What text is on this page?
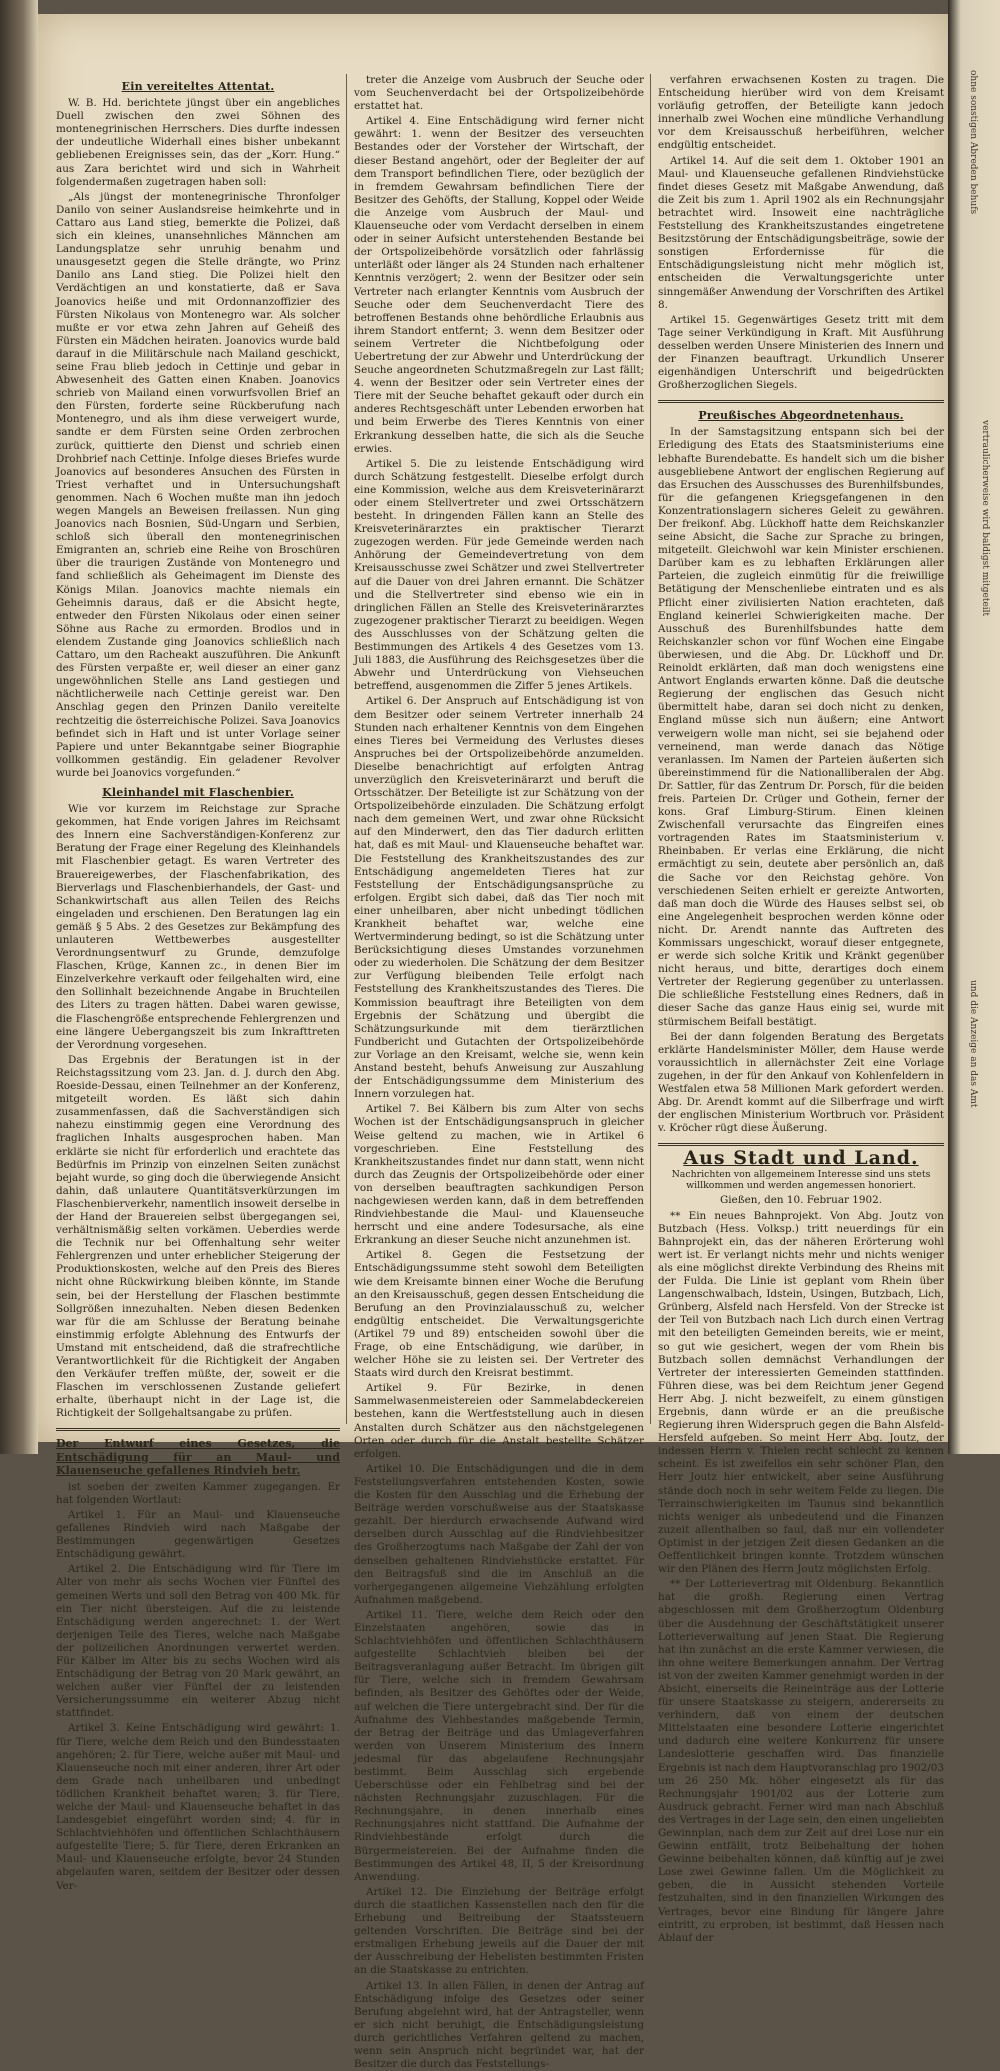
Ein vereiteltes Attentat.

W. B. Hd. berichtete jüngst über ein angebliches Duell zwischen den zwei Söhnen des montenegrinischen Herrschers. Dies durfte indessen der undeutliche Widerhall eines bisher unbekannt gebliebenen Ereignisses sein, das der „Korr. Hung.“ aus Zara berichtet wird und sich in Wahrheit folgendermaßen zugetragen haben soll:

„Als jüngst der montenegrinische Thronfolger Danilo von seiner Auslandsreise heimkehrte und in Cattaro aus Land stieg, bemerkte die Polizei, daß sich ein kleines, unansehnliches Männchen am Landungsplatze sehr unruhig benahm und unausgesetzt gegen die Stelle drängte, wo Prinz Danilo ans Land stieg. Die Polizei hielt den Verdächtigen an und konstatierte, daß er Sava Joanovics heiße und mit Ordonnanzoffizier des Fürsten Nikolaus von Montenegro war. Als solcher mußte er vor etwa zehn Jahren auf Geheiß des Fürsten ein Mädchen heiraten. Joanovics wurde bald darauf in die Militärschule nach Mailand geschickt, seine Frau blieb jedoch in Cettinje und gebar in Abwesenheit des Gatten einen Knaben. Joanovics schrieb von Mailand einen vorwurfsvollen Brief an den Fürsten, forderte seine Rückberufung nach Montenegro, und als ihm diese verweigert wurde, sandte er dem Fürsten seine Orden zerbrochen zurück, quittierte den Dienst und schrieb einen Drohbrief nach Cettinje. Infolge dieses Briefes wurde Joanovics auf besonderes Ansuchen des Fürsten in Triest verhaftet und in Untersuchungshaft genommen. Nach 6 Wochen mußte man ihn jedoch wegen Mangels an Beweisen freilassen. Nun ging Joanovics nach Bosnien, Süd-Ungarn und Serbien, schloß sich überall den montenegrinischen Emigranten an, schrieb eine Reihe von Broschüren über die traurigen Zustände von Montenegro und fand schließlich als Geheimagent im Dienste des Königs Milan. Joanovics machte niemals ein Geheimnis daraus, daß er die Absicht hegte, entweder den Fürsten Nikolaus oder einen seiner Söhne aus Rache zu ermorden. Brodlos und in elendem Zustande ging Joanovics schließlich nach Cattaro, um den Racheakt auszuführen. Die Ankunft des Fürsten verpaßte er, weil dieser an einer ganz ungewöhnlichen Stelle ans Land gestiegen und nächtlicherweile nach Cettinje gereist war. Den Anschlag gegen den Prinzen Danilo vereitelte rechtzeitig die österreichische Polizei. Sava Joanovics befindet sich in Haft und ist unter Vorlage seiner Papiere und unter Bekanntgabe seiner Biographie vollkommen geständig. Ein geladener Revolver wurde bei Joanovics vorgefunden.“

Kleinhandel mit Flaschenbier.

Wie vor kurzem im Reichstage zur Sprache gekommen, hat Ende vorigen Jahres im Reichsamt des Innern eine Sachverständigen-Konferenz zur Beratung der Frage einer Regelung des Kleinhandels mit Flaschenbier getagt. Es waren Vertreter des Brauereigewerbes, der Flaschenfabrikation, des Bierverlags und Flaschenbierhandels, der Gast- und Schankwirtschaft aus allen Teilen des Reichs eingeladen und erschienen. Den Beratungen lag ein gemäß § 5 Abs. 2 des Gesetzes zur Bekämpfung des unlauteren Wettbewerbes ausgestellter Verordnungsentwurf zu Grunde, demzufolge Flaschen, Krüge, Kannen zc., in denen Bier im Einzelverkehre verkauft oder feilgehalten wird, eine den Sollinhalt bezeichnende Angabe in Bruchteilen des Liters zu tragen hätten. Dabei waren gewisse, die Flaschengröße entsprechende Fehlergrenzen und eine längere Uebergangszeit bis zum Inkrafttreten der Verordnung vorgesehen.

Das Ergebnis der Beratungen ist in der Reichstagssitzung vom 23. Jan. d. J. durch den Abg. Roeside-Dessau, einen Teilnehmer an der Konferenz, mitgeteilt worden. Es läßt sich dahin zusammenfassen, daß die Sachverständigen sich nahezu einstimmig gegen eine Verordnung des fraglichen Inhalts ausgesprochen haben. Man erklärte sie nicht für erforderlich und erachtete das Bedürfnis im Prinzip von einzelnen Seiten zunächst bejaht wurde, so ging doch die überwiegende Ansicht dahin, daß unlautere Quantitätsverkürzungen im Flaschenbierverkehr, namentlich insoweit derselbe in der Hand der Brauereien selbst übergegangen sei, verhältnismäßig selten vorkämen. Ueberdies werde die Technik nur bei Offenhaltung sehr weiter Fehlergrenzen und unter erheblicher Steigerung der Produktionskosten, welche auf den Preis des Bieres nicht ohne Rückwirkung bleiben könnte, im Stande sein, bei der Herstellung der Flaschen bestimmte Sollgrößen innezuhalten. Neben diesen Bedenken war für die am Schlusse der Beratung beinahe einstimmig erfolgte Ablehnung des Entwurfs der Umstand mit entscheidend, daß die strafrechtliche Verantwortlichkeit für die Richtigkeit der Angaben den Verkäufer treffen müßte, der, soweit er die Flaschen im verschlossenen Zustande geliefert erhalte, überhaupt nicht in der Lage ist, die Richtigkeit der Sollgehaltsangabe zu prüfen.

Der Entwurf eines Gesetzes, die Entschädigung für an Maul- und Klauenseuche gefallenes Rindvieh betr.

ist soeben der zweiten Kammer zugegangen. Er hat folgenden Wortlaut:

Artikel 1. Für an Maul- und Klauenseuche gefallenes Rindvieh wird nach Maßgabe der Bestimmungen gegenwärtigen Gesetzes Entschädigung gewährt.

Artikel 2. Die Entschädigung wird für Tiere im Alter von mehr als sechs Wochen vier Fünftel des gemeinen Werts und soll den Betrag von 400 Mk. für ein Tier nicht übersteigen. Auf die zu leistende Entschädigung werden angerechnet: 1. der Wert derjenigen Teile des Tieres, welche nach Maßgabe der polizeilichen Anordnungen verwertet werden. Für Kälber im Alter bis zu sechs Wochen wird als Entschädigung der Betrag von 20 Mark gewährt, an welchen außer vier Fünftel der zu leistenden Versicherungssumme ein weiterer Abzug nicht stattfindet.

Artikel 3. Keine Entschädigung wird gewährt: 1. für Tiere, welche dem Reich und den Bundesstaaten angehören; 2. für Tiere, welche außer mit Maul- und Klauenseuche noch mit einer anderen, ihrer Art oder dem Grade nach unheilbaren und unbedingt tödlichen Krankheit behaftet waren; 3. für Tiere, welche der Maul- und Klauenseuche behaftet in das Landesgebiet eingeführt worden sind; 4. für in Schlachtviehhöfen und öffentlichen Schlachthäusern aufgestellte Tiere; 5. für Tiere, deren Erkranken an Maul- und Klauenseuche erfolgte, bevor 24 Stunden abgelaufen waren, seitdem der Besitzer oder dessen Ver-

treter die Anzeige vom Ausbruch der Seuche oder vom Seuchenverdacht bei der Ortspolizeibehörde erstattet hat.

Artikel 4. Eine Entschädigung wird ferner nicht gewährt: 1. wenn der Besitzer des verseuchten Bestandes oder der Vorsteher der Wirtschaft, der dieser Bestand angehört, oder der Begleiter der auf dem Transport befindlichen Tiere, oder bezüglich der in fremdem Gewahrsam befindlichen Tiere der Besitzer des Gehöfts, der Stallung, Koppel oder Weide die Anzeige vom Ausbruch der Maul- und Klauenseuche oder vom Verdacht derselben in einem oder in seiner Aufsicht unterstehenden Bestande bei der Ortspolizeibehörde vorsätzlich oder fahrlässig unterläßt oder länger als 24 Stunden nach erhaltener Kenntnis verzögert; 2. wenn der Besitzer oder sein Vertreter nach erlangter Kenntnis vom Ausbruch der Seuche oder dem Seuchenverdacht Tiere des betroffenen Bestands ohne behördliche Erlaubnis aus ihrem Standort entfernt; 3. wenn dem Besitzer oder seinem Vertreter die Nichtbefolgung oder Uebertretung der zur Abwehr und Unterdrückung der Seuche angeordneten Schutzmaßregeln zur Last fällt; 4. wenn der Besitzer oder sein Vertreter eines der Tiere mit der Seuche behaftet gekauft oder durch ein anderes Rechtsgeschäft unter Lebenden erworben hat und beim Erwerbe des Tieres Kenntnis von einer Erkrankung desselben hatte, die sich als die Seuche erwies.

Artikel 5. Die zu leistende Entschädigung wird durch Schätzung festgestellt. Dieselbe erfolgt durch eine Kommission, welche aus dem Kreisveterinärarzt oder einem Stellvertreter und zwei Ortsschätzern besteht. In dringenden Fällen kann an Stelle des Kreisveterinärarztes ein praktischer Tierarzt zugezogen werden. Für jede Gemeinde werden nach Anhörung der Gemeindevertretung von dem Kreisausschusse zwei Schätzer und zwei Stellvertreter auf die Dauer von drei Jahren ernannt. Die Schätzer und die Stellvertreter sind ebenso wie ein in dringlichen Fällen an Stelle des Kreisveterinärarztes zugezogener praktischer Tierarzt zu beeidigen. Wegen des Ausschlusses von der Schätzung gelten die Bestimmungen des Artikels 4 des Gesetzes vom 13. Juli 1883, die Ausführung des Reichsgesetzes über die Abwehr und Unterdrückung von Viehseuchen betreffend, ausgenommen die Ziffer 5 jenes Artikels.

Artikel 6. Der Anspruch auf Entschädigung ist von dem Besitzer oder seinem Vertreter innerhalb 24 Stunden nach erhaltener Kenntnis von dem Eingehen eines Tieres bei Vermeidung des Verlustes dieses Anspruches bei der Ortspolizeibehörde anzumelden. Dieselbe benachrichtigt auf erfolgten Antrag unverzüglich den Kreisveterinärarzt und beruft die Ortsschätzer. Der Beteiligte ist zur Schätzung von der Ortspolizeibehörde einzuladen. Die Schätzung erfolgt nach dem gemeinen Wert, und zwar ohne Rücksicht auf den Minderwert, den das Tier dadurch erlitten hat, daß es mit Maul- und Klauenseuche behaftet war. Die Feststellung des Krankheitszustandes des zur Entschädigung angemeldeten Tieres hat zur Feststellung der Entschädigungsansprüche zu erfolgen. Ergibt sich dabei, daß das Tier noch mit einer unheilbaren, aber nicht unbedingt tödlichen Krankheit behaftet war, welche eine Wertverminderung bedingt, so ist die Schätzung unter Berücksichtigung dieses Umstandes vorzunehmen oder zu wiederholen. Die Schätzung der dem Besitzer zur Verfügung bleibenden Teile erfolgt nach Feststellung des Krankheitszustandes des Tieres. Die Kommission beauftragt ihre Beteiligten von dem Ergebnis der Schätzung und übergibt die Schätzungsurkunde mit dem tierärztlichen Fundbericht und Gutachten der Ortspolizeibehörde zur Vorlage an den Kreisamt, welche sie, wenn kein Anstand besteht, behufs Anweisung zur Auszahlung der Entschädigungssumme dem Ministerium des Innern vorzulegen hat.

Artikel 7. Bei Kälbern bis zum Alter von sechs Wochen ist der Entschädigungsanspruch in gleicher Weise geltend zu machen, wie in Artikel 6 vorgeschrieben. Eine Feststellung des Krankheitszustandes findet nur dann statt, wenn nicht durch das Zeugnis der Ortspolizeibehörde oder einer von derselben beauftragten sachkundigen Person nachgewiesen werden kann, daß in dem betreffenden Rindviehbestande die Maul- und Klauenseuche herrscht und eine andere Todesursache, als eine Erkrankung an dieser Seuche nicht anzunehmen ist.

Artikel 8. Gegen die Festsetzung der Entschädigungssumme steht sowohl dem Beteiligten wie dem Kreisamte binnen einer Woche die Berufung an den Kreisausschuß, gegen dessen Entscheidung die Berufung an den Provinzialausschuß zu, welcher endgültig entscheidet. Die Verwaltungsgerichte (Artikel 79 und 89) entscheiden sowohl über die Frage, ob eine Entschädigung, wie darüber, in welcher Höhe sie zu leisten sei. Der Vertreter des Staats wird durch den Kreisrat bestimmt.

Artikel 9. Für Bezirke, in denen Sammelwasenmeistereien oder Sammelabdeckereien bestehen, kann die Wertfeststellung auch in diesen Anstalten durch Schätzer aus den nächstgelegenen Orten oder durch für die Anstalt bestellte Schätzer erfolgen.

Artikel 10. Die Entschädigungen und die in dem Feststellungsverfahren entstehenden Kosten, sowie die Kosten für den Ausschlag und die Erhebung der Beiträge werden vorschußweise aus der Staatskasse gezahlt. Der hierdurch erwachsende Aufwand wird derselben durch Ausschlag auf die Rindviehbesitzer des Großherzogtums nach Maßgabe der Zahl der von denselben gehaltenen Rindviehstücke erstattet. Für den Beitragsfuß sind die im Anschluß an die vorhergegangenen allgemeine Viehzählung erfolgten Aufnahmen maßgebend.

Artikel 11. Tiere, welche dem Reich oder den Einzelstaaten angehören, sowie das in Schlachtviehhöfen und öffentlichen Schlachthäusern aufgestellte Schlachtvieh bleiben bei der Beitragsveranlagung außer Betracht. Im übrigen gilt für Tiere, welche sich in fremdem Gewahrsam befinden, als Besitzer des Gehöftes oder der Weide, auf welchen die Tiere untergebracht sind. Der für die Aufnahme des Viehbestandes maßgebende Termin, der Betrag der Beiträge und das Umlageverfahren werden von Unserem Ministerium des Innern jedesmal für das abgelaufene Rechnungsjahr bestimmt. Beim Ausschlag sich ergebende Ueberschüsse oder ein Fehlbetrag sind bei der nächsten Rechnungsjahr zuzuschlagen. Für die Rechnungsjahre, in denen innerhalb eines Rechnungsjahres nicht stattfand. Die Aufnahme der Rindviehbestände erfolgt durch die Bürgermeistereien. Bei der Aufnahme finden die Bestimmungen des Artikel 48, II, 5 der Kreisordnung Anwendung.

Artikel 12. Die Einziehung der Beiträge erfolgt durch die staatlichen Kassenstellen nach den für die Erhebung und Beitreibung der Staatssteuern geltenden Vorschriften. Die Beiträge sind bei der erstmaligen Erhebung jeweils auf die Dauer der mit der Ausschreibung der Hebelisten bestimmten Fristen an die Staatskasse zu entrichten.

Artikel 13. In allen Fällen, in denen der Antrag auf Entschädigung infolge des Gesetzes oder seiner Berufung abgelehnt wird, hat der Antragsteller, wenn er sich nicht beruhigt, die Entschädigungsleistung durch gerichtliches Verfahren geltend zu machen, wenn sein Anspruch nicht begründet war, hat der Besitzer die durch das Feststellungs-

verfahren erwachsenen Kosten zu tragen. Die Entscheidung hierüber wird von dem Kreisamt vorläufig getroffen, der Beteiligte kann jedoch innerhalb zwei Wochen eine mündliche Verhandlung vor dem Kreisausschuß herbeiführen, welcher endgültig entscheidet.

Artikel 14. Auf die seit dem 1. Oktober 1901 an Maul- und Klauenseuche gefallenen Rindviehstücke findet dieses Gesetz mit Maßgabe Anwendung, daß die Zeit bis zum 1. April 1902 als ein Rechnungsjahr betrachtet wird. Insoweit eine nachträgliche Feststellung des Krankheitszustandes eingetretene Besitzstörung der Entschädigungsbeiträge, sowie der sonstigen Erfordernisse für die Entschädigungsleistung nicht mehr möglich ist, entscheiden die Verwaltungsgerichte unter sinngemäßer Anwendung der Vorschriften des Artikel 8.

Artikel 15. Gegenwärtiges Gesetz tritt mit dem Tage seiner Verkündigung in Kraft. Mit Ausführung desselben werden Unsere Ministerien des Innern und der Finanzen beauftragt. Urkundlich Unserer eigenhändigen Unterschrift und beigedrückten Großherzoglichen Siegels.

Preußisches Abgeordnetenhaus.

In der Samstagsitzung entspann sich bei der Erledigung des Etats des Staatsministeriums eine lebhafte Burendebatte. Es handelt sich um die bisher ausgebliebene Antwort der englischen Regierung auf das Ersuchen des Ausschusses des Burenhilfsbundes, für die gefangenen Kriegsgefangenen in den Konzentrationslagern sicheres Geleit zu gewähren. Der freikonf. Abg. Lückhoff hatte dem Reichskanzler seine Absicht, die Sache zur Sprache zu bringen, mitgeteilt. Gleichwohl war kein Minister erschienen. Darüber kam es zu lebhaften Erklärungen aller Parteien, die zugleich einmütig für die freiwillige Betätigung der Menschenliebe eintraten und es als Pflicht einer zivilisierten Nation erachteten, daß England keinerlei Schwierigkeiten mache. Der Ausschuß des Burenhilfsbundes hatte dem Reichskanzler schon vor fünf Wochen eine Eingabe überwiesen, und die Abg. Dr. Lückhoff und Dr. Reinoldt erklärten, daß man doch wenigstens eine Antwort Englands erwarten könne. Daß die deutsche Regierung der englischen das Gesuch nicht übermittelt habe, daran sei doch nicht zu denken, England müsse sich nun äußern; eine Antwort verweigern wolle man nicht, sei sie bejahend oder verneinend, man werde danach das Nötige veranlassen. Im Namen der Parteien äußerten sich übereinstimmend für die Nationalliberalen der Abg. Dr. Sattler, für das Zentrum Dr. Porsch, für die beiden freis. Parteien Dr. Crüger und Gothein, ferner der kons. Graf Limburg-Stirum. Einen kleinen Zwischenfall verursachte das Eingreifen eines vortragenden Rates im Staatsministerium v. Rheinbaben. Er verlas eine Erklärung, die nicht ermächtigt zu sein, deutete aber persönlich an, daß die Sache vor den Reichstag gehöre. Von verschiedenen Seiten erhielt er gereizte Antworten, daß man doch die Würde des Hauses selbst sei, ob eine Angelegenheit besprochen werden könne oder nicht. Dr. Arendt nannte das Auftreten des Kommissars ungeschickt, worauf dieser entgegnete, er werde sich solche Kritik und Kränkt gegenüber nicht heraus, und bitte, derartiges doch einem Vertreter der Regierung gegenüber zu unterlassen. Die schließliche Feststellung eines Redners, daß in dieser Sache das ganze Haus einig sei, wurde mit stürmischem Beifall bestätigt.

Bei der dann folgenden Beratung des Bergetats erklärte Handelsminister Möller, dem Hause werde voraussichtlich in allernächster Zeit eine Vorlage zugehen, in der für den Ankauf von Kohlenfeldern in Westfalen etwa 58 Millionen Mark gefordert werden. Abg. Dr. Arendt kommt auf die Silberfrage und wirft der englischen Ministerium Wortbruch vor. Präsident v. Kröcher rügt diese Äußerung.

Aus Stadt und Land.
Nachrichten von allgemeinem Interesse sind uns stets willkommen und werden angemessen honoriert.
Gießen, den 10. Februar 1902.

** Ein neues Bahnprojekt. Von Abg. Joutz von Butzbach (Hess. Volksp.) tritt neuerdings für ein Bahnprojekt ein, das der näheren Erörterung wohl wert ist. Er verlangt nichts mehr und nichts weniger als eine möglichst direkte Verbindung des Rheins mit der Fulda. Die Linie ist geplant vom Rhein über Langenschwalbach, Idstein, Usingen, Butzbach, Lich, Grünberg, Alsfeld nach Hersfeld. Von der Strecke ist der Teil von Butzbach nach Lich durch einen Vertrag mit den beteiligten Gemeinden bereits, wie er meint, so gut wie gesichert, wegen der vom Rhein bis Butzbach sollen demnächst Verhandlungen der Vertreter der interessierten Gemeinden stattfinden. Führen diese, was bei dem Reichtum jener Gegend Herr Abg. J. nicht bezweifelt, zu einem günstigen Ergebnis, dann würde er an die preußische Regierung ihren Widerspruch gegen die Bahn Alsfeld-Hersfeld aufgeben. So meint Herr Abg. Joutz, der indessen Herrn v. Thielen recht schlecht zu kennen scheint. Es ist zweifellos ein sehr schöner Plan, den Herr Joutz hier entwickelt, aber seine Ausführung stände doch noch in sehr weitem Felde zu liegen. Die Terrainschwierigkeiten im Taunus sind bekanntlich nichts weniger als unbedeutend und die Finanzen zuzeit allenthalben so faul, daß nur ein vollendeter Optimist in der jetzigen Zeit diesen Gedanken an die Oeffentlichkeit bringen konnte. Trotzdem wünschen wir den Plänen des Herrn Joutz möglichsten Erfolg.

** Der Lotterievertrag mit Oldenburg. Bekanntlich hat die großh. Regierung einen Vertrag abgeschlossen mit dem Großherzogtum Oldenburg über die Ausdehnung der Geschäftstätigkeit unserer Lotterieverwaltung auf jenen Staat. Die Regierung hat ihn zunächst an die erste Kammer verwiesen, die ihn ohne weitere Bemerkungen annahm. Der Vertrag ist von der zweiten Kammer genehmigt worden in der Absicht, einerseits die Reineinträge aus der Lotterie für unsere Staatskasse zu steigern, andererseits zu verhindern, daß von einem der deutschen Mittelstaaten eine besondere Lotterie eingerichtet und dadurch eine weitere Konkurrenz für unsere Landeslotterie geschaffen wird. Das finanzielle Ergebnis ist nach dem Hauptvoranschlag pro 1902/03 um 26 250 Mk. höher eingesetzt als für das Rechnungsjahr 1901/02 aus der Lotterie zum Ausdruck gebracht. Ferner wird man nach Abschluß des Vertrages in der Lage sein, den einen ungeliebten Gewinnplan, nach dem zur Zeit auf drei Lose nur ein Gewinn entfällt, trotz Beibehaltung der hohen Gewinne beibehalten können, daß künftig auf je zwei Lose zwei Gewinne fallen. Um die Möglichkeit zu geben, die in Aussicht stehenden Vorteile festzuhalten, sind in den finanziellen Wirkungen des Vertrages, bevor eine Bindung für längere Jahre eintritt, zu erproben, ist bestimmt, daß Hessen nach Ablauf der

ohne sonstigen Abreden behufs
vertraulicherweise wird baldigst mitgeteilt
und die Anzeige an das Amt
